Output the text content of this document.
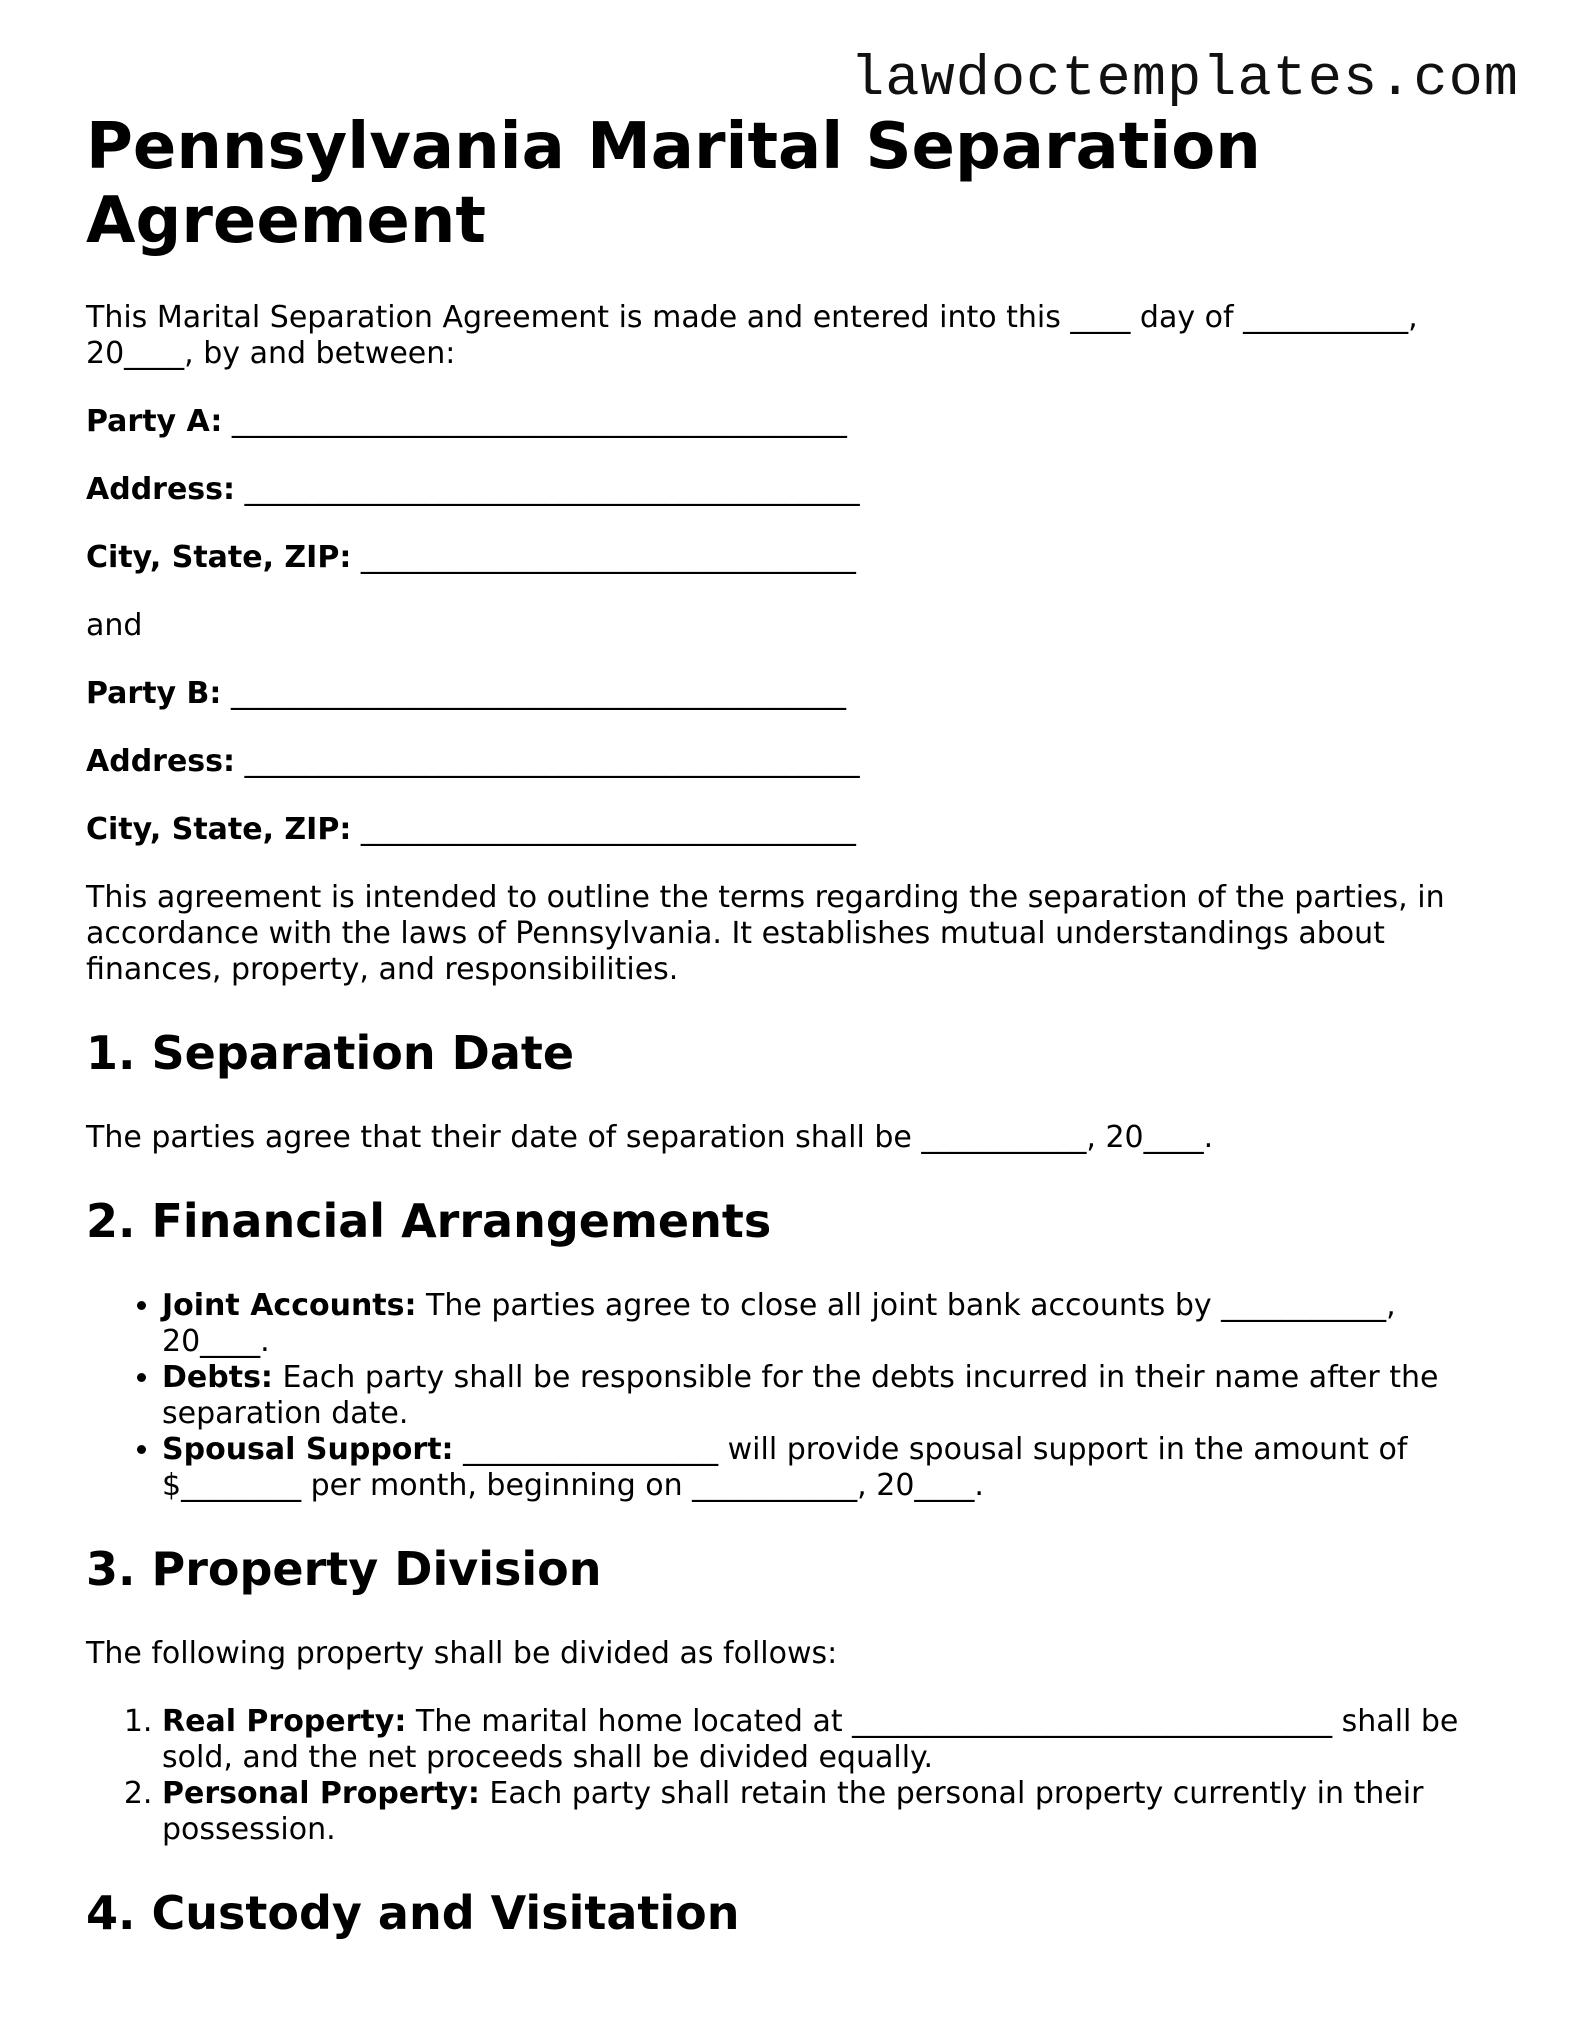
lawdoctemplates.com
Pennsylvania Marital Separation Agreement

This Marital Separation Agreement is made and entered into this ____ day of ___________, 20____, by and between:

Party A: _________________________________________
Address: _________________________________________
City, State, ZIP: _________________________________

and

Party B: _________________________________________
Address: _________________________________________
City, State, ZIP: _________________________________

This agreement is intended to outline the terms regarding the separation of the parties, in accordance with the laws of Pennsylvania. It establishes mutual understandings about finances, property, and responsibilities.

1. Separation Date

The parties agree that their date of separation shall be ___________, 20____.

2. Financial Arrangements
• Joint Accounts: The parties agree to close all joint bank accounts by ___________, 20____.
• Debts: Each party shall be responsible for the debts incurred in their name after the separation date.
• Spousal Support: _________________ will provide spousal support in the amount of $________ per month, beginning on ___________, 20____.
3. Property Division

The following property shall be divided as follows:

1. Real Property: The marital home located at ________________________________ shall be sold, and the net proceeds shall be divided equally.
2. Personal Property: Each party shall retain the personal property currently in their possession.
4. Custody and Visitation
